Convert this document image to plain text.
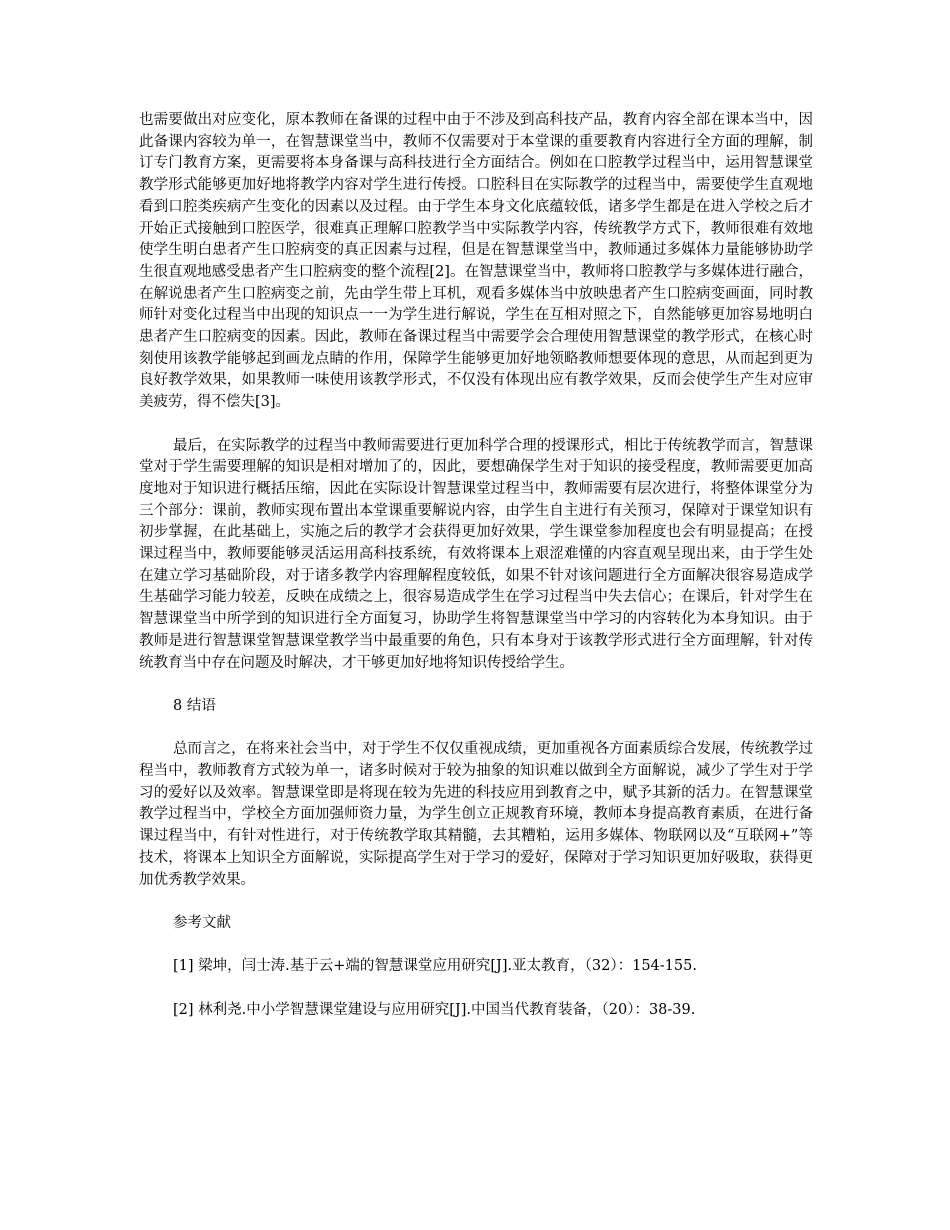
也需要做出对应变化，原本教师在备课的过程中由于不涉及到高科技产品，教育内容全部在课本当中，因此备课内容较为单一，在智慧课堂当中，教师不仅需要对于本堂课的重要教育内容进行全方面的理解，制订专门教育方案，更需要将本身备课与高科技进行全方面结合。例如在口腔教学过程当中，运用智慧课堂教学形式能够更加好地将教学内容对学生进行传授。口腔科目在实际教学的过程当中，需要使学生直观地看到口腔类疾病产生变化的因素以及过程。由于学生本身文化底蕴较低，诸多学生都是在进入学校之后才开始正式接触到口腔医学，很难真正理解口腔教学当中实际教学内容，传统教学方式下，教师很难有效地使学生明白患者产生口腔病变的真正因素与过程，但是在智慧课堂当中，教师通过多媒体力量能够协助学生很直观地感受患者产生口腔病变的整个流程[2]。在智慧课堂当中，教师将口腔教学与多媒体进行融合，在解说患者产生口腔病变之前，先由学生带上耳机，观看多媒体当中放映患者产生口腔病变画面，同时教师针对变化过程当中出现的知识点一一为学生进行解说，学生在互相对照之下，自然能够更加容易地明白患者产生口腔病变的因素。因此，教师在备课过程当中需要学会合理使用智慧课堂的教学形式，在核心时刻使用该教学能够起到画龙点睛的作用，保障学生能够更加好地领略教师想要体现的意思，从而起到更为良好教学效果，如果教师一味使用该教学形式，不仅没有体现出应有教学效果，反而会使学生产生对应审美疲劳，得不偿失[3]。

最后，在实际教学的过程当中教师需要进行更加科学合理的授课形式，相比于传统教学而言，智慧课堂对于学生需要理解的知识是相对增加了的，因此，要想确保学生对于知识的接受程度，教师需要更加高度地对于知识进行概括压缩，因此在实际设计智慧课堂过程当中，教师需要有层次进行，将整体课堂分为三个部分：课前，教师实现布置出本堂课重要解说内容，由学生自主进行有关预习，保障对于课堂知识有初步掌握，在此基础上，实施之后的教学才会获得更加好效果，学生课堂参加程度也会有明显提高；在授课过程当中，教师要能够灵活运用高科技系统，有效将课本上艰涩难懂的内容直观呈现出来，由于学生处在建立学习基础阶段，对于诸多教学内容理解程度较低，如果不针对该问题进行全方面解决很容易造成学生基础学习能力较差，反映在成绩之上，很容易造成学生在学习过程当中失去信心；在课后，针对学生在智慧课堂当中所学到的知识进行全方面复习，协助学生将智慧课堂当中学习的内容转化为本身知识。由于教师是进行智慧课堂智慧课堂教学当中最重要的角色，只有本身对于该教学形式进行全方面理解，针对传统教育当中存在问题及时解决，才干够更加好地将知识传授给学生。

8 结语

总而言之，在将来社会当中，对于学生不仅仅重视成绩，更加重视各方面素质综合发展，传统教学过程当中，教师教育方式较为单一，诸多时候对于较为抽象的知识难以做到全方面解说，减少了学生对于学习的爱好以及效率。智慧课堂即是将现在较为先进的科技应用到教育之中，赋予其新的活力。在智慧课堂教学过程当中，学校全方面加强师资力量，为学生创立正规教育环境，教师本身提高教育素质，在进行备课过程当中，有针对性进行，对于传统教学取其精髓，去其糟粕，运用多媒体、物联网以及“互联网+”等技术，将课本上知识全方面解说，实际提高学生对于学习的爱好，保障对于学习知识更加好吸取，获得更加优秀教学效果。

参考文献

[1] 梁坤，闫士涛.基于云+端的智慧课堂应用研究[J].亚太教育，（32）：154-155.

[2] 林利尧.中小学智慧课堂建设与应用研究[J].中国当代教育装备，（20）：38-39.
